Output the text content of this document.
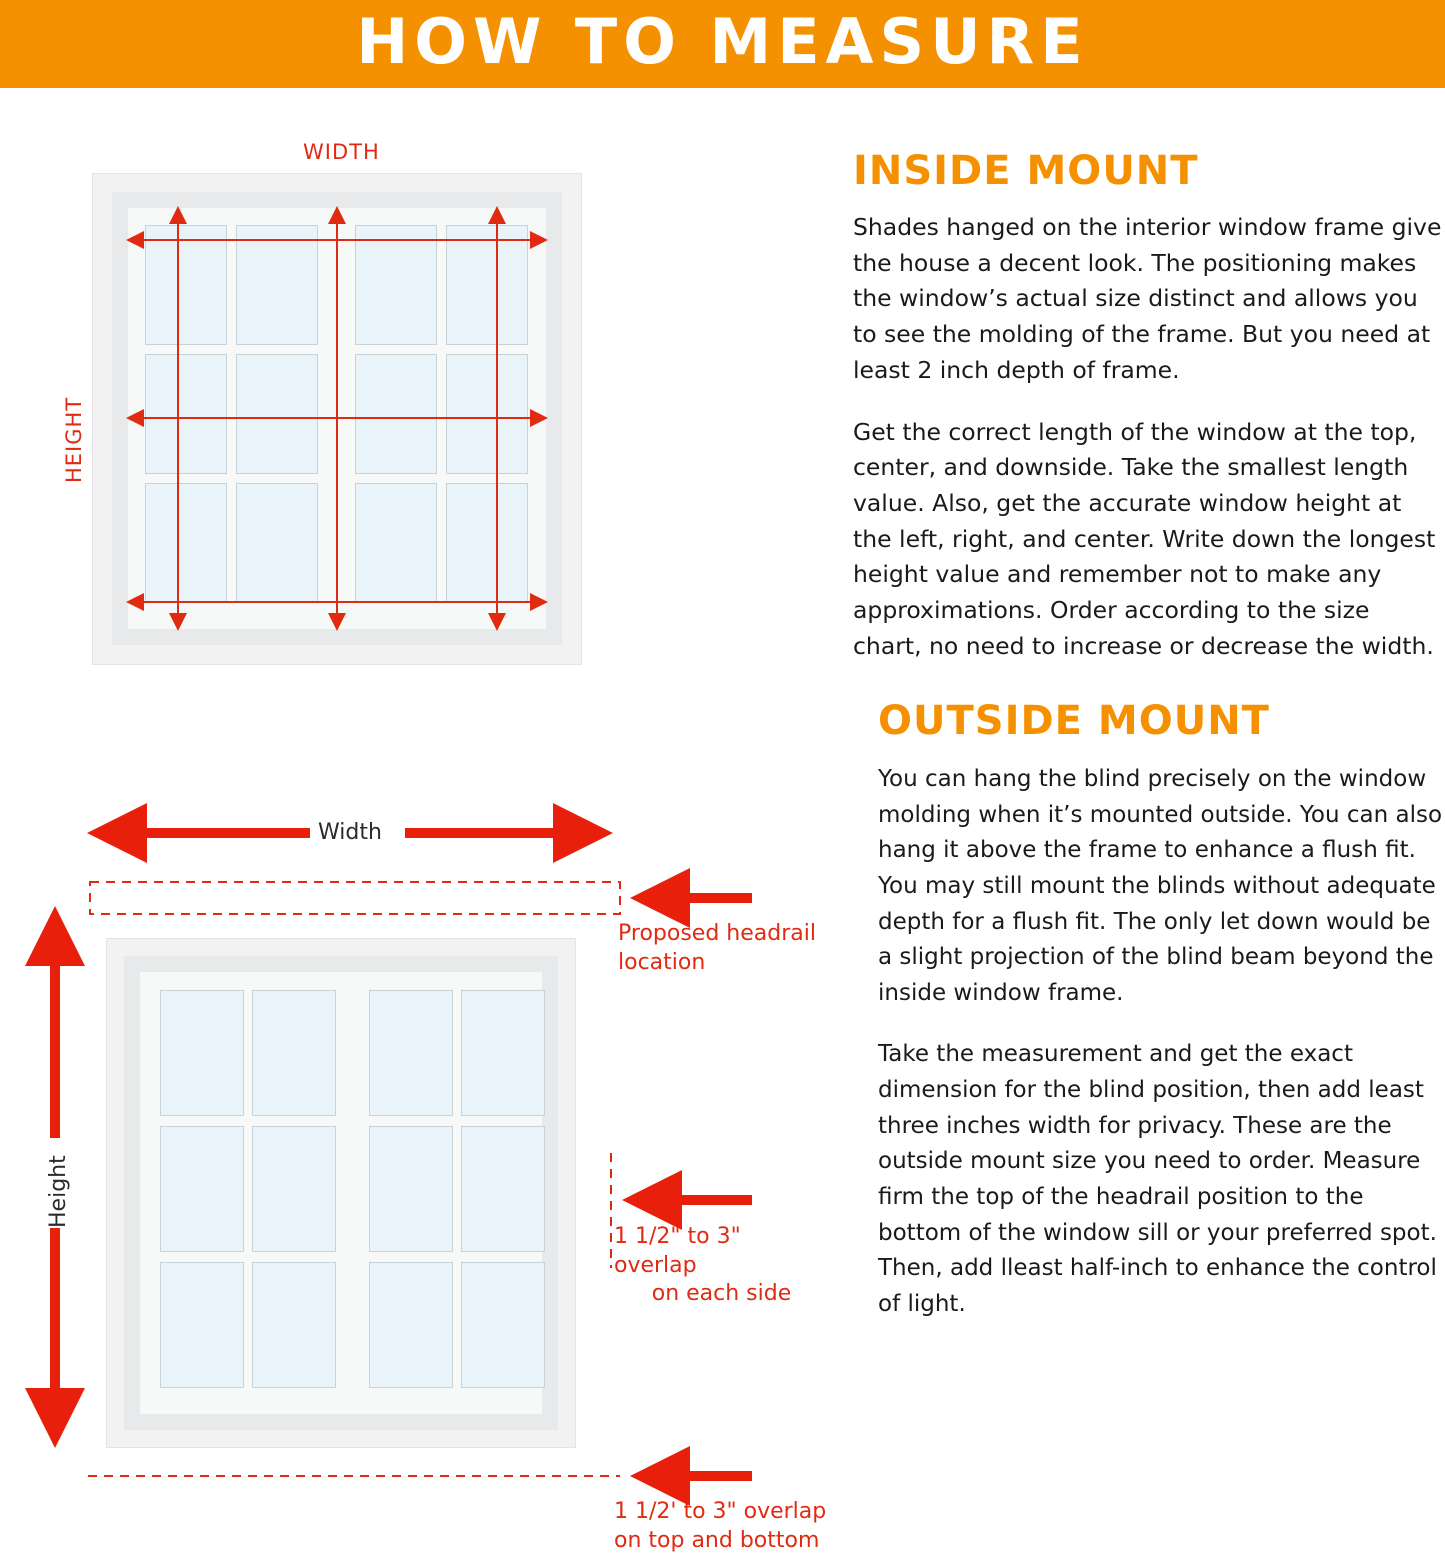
HOW TO MEASURE
WIDTH
HEIGHT
Width
Height
Proposed headrail
location
1 1/2" to 3" overlap
on each side
1 1/2' to 3" overlap
on top and bottom
INSIDE MOUNT

Shades hanged on the interior window frame give the house a decent look. The positioning makes the window’s actual size distinct and allows you to see the molding of the frame. But you need at least 2 inch depth of frame.

Get the correct length of the window at the top, center, and downside. Take the smallest length value. Also, get the accurate window height at the left, right, and center. Write down the longest height value and remember not to make any approximations. Order according to the size chart, no need to increase or decrease the width.

OUTSIDE MOUNT

You can hang the blind precisely on the window molding when it’s mounted outside. You can also hang it above the frame to enhance a flush fit. You may still mount the blinds without adequate depth for a flush fit. The only let down would be a slight projection of the blind beam beyond the inside window frame.

Take the measurement and get the exact dimension for the blind position, then add least three inches width for privacy. These are the outside mount size you need to order. Measure firm the top of the headrail position to the bottom of the window sill or your preferred spot. Then, add lleast half-inch to enhance the control of light.
